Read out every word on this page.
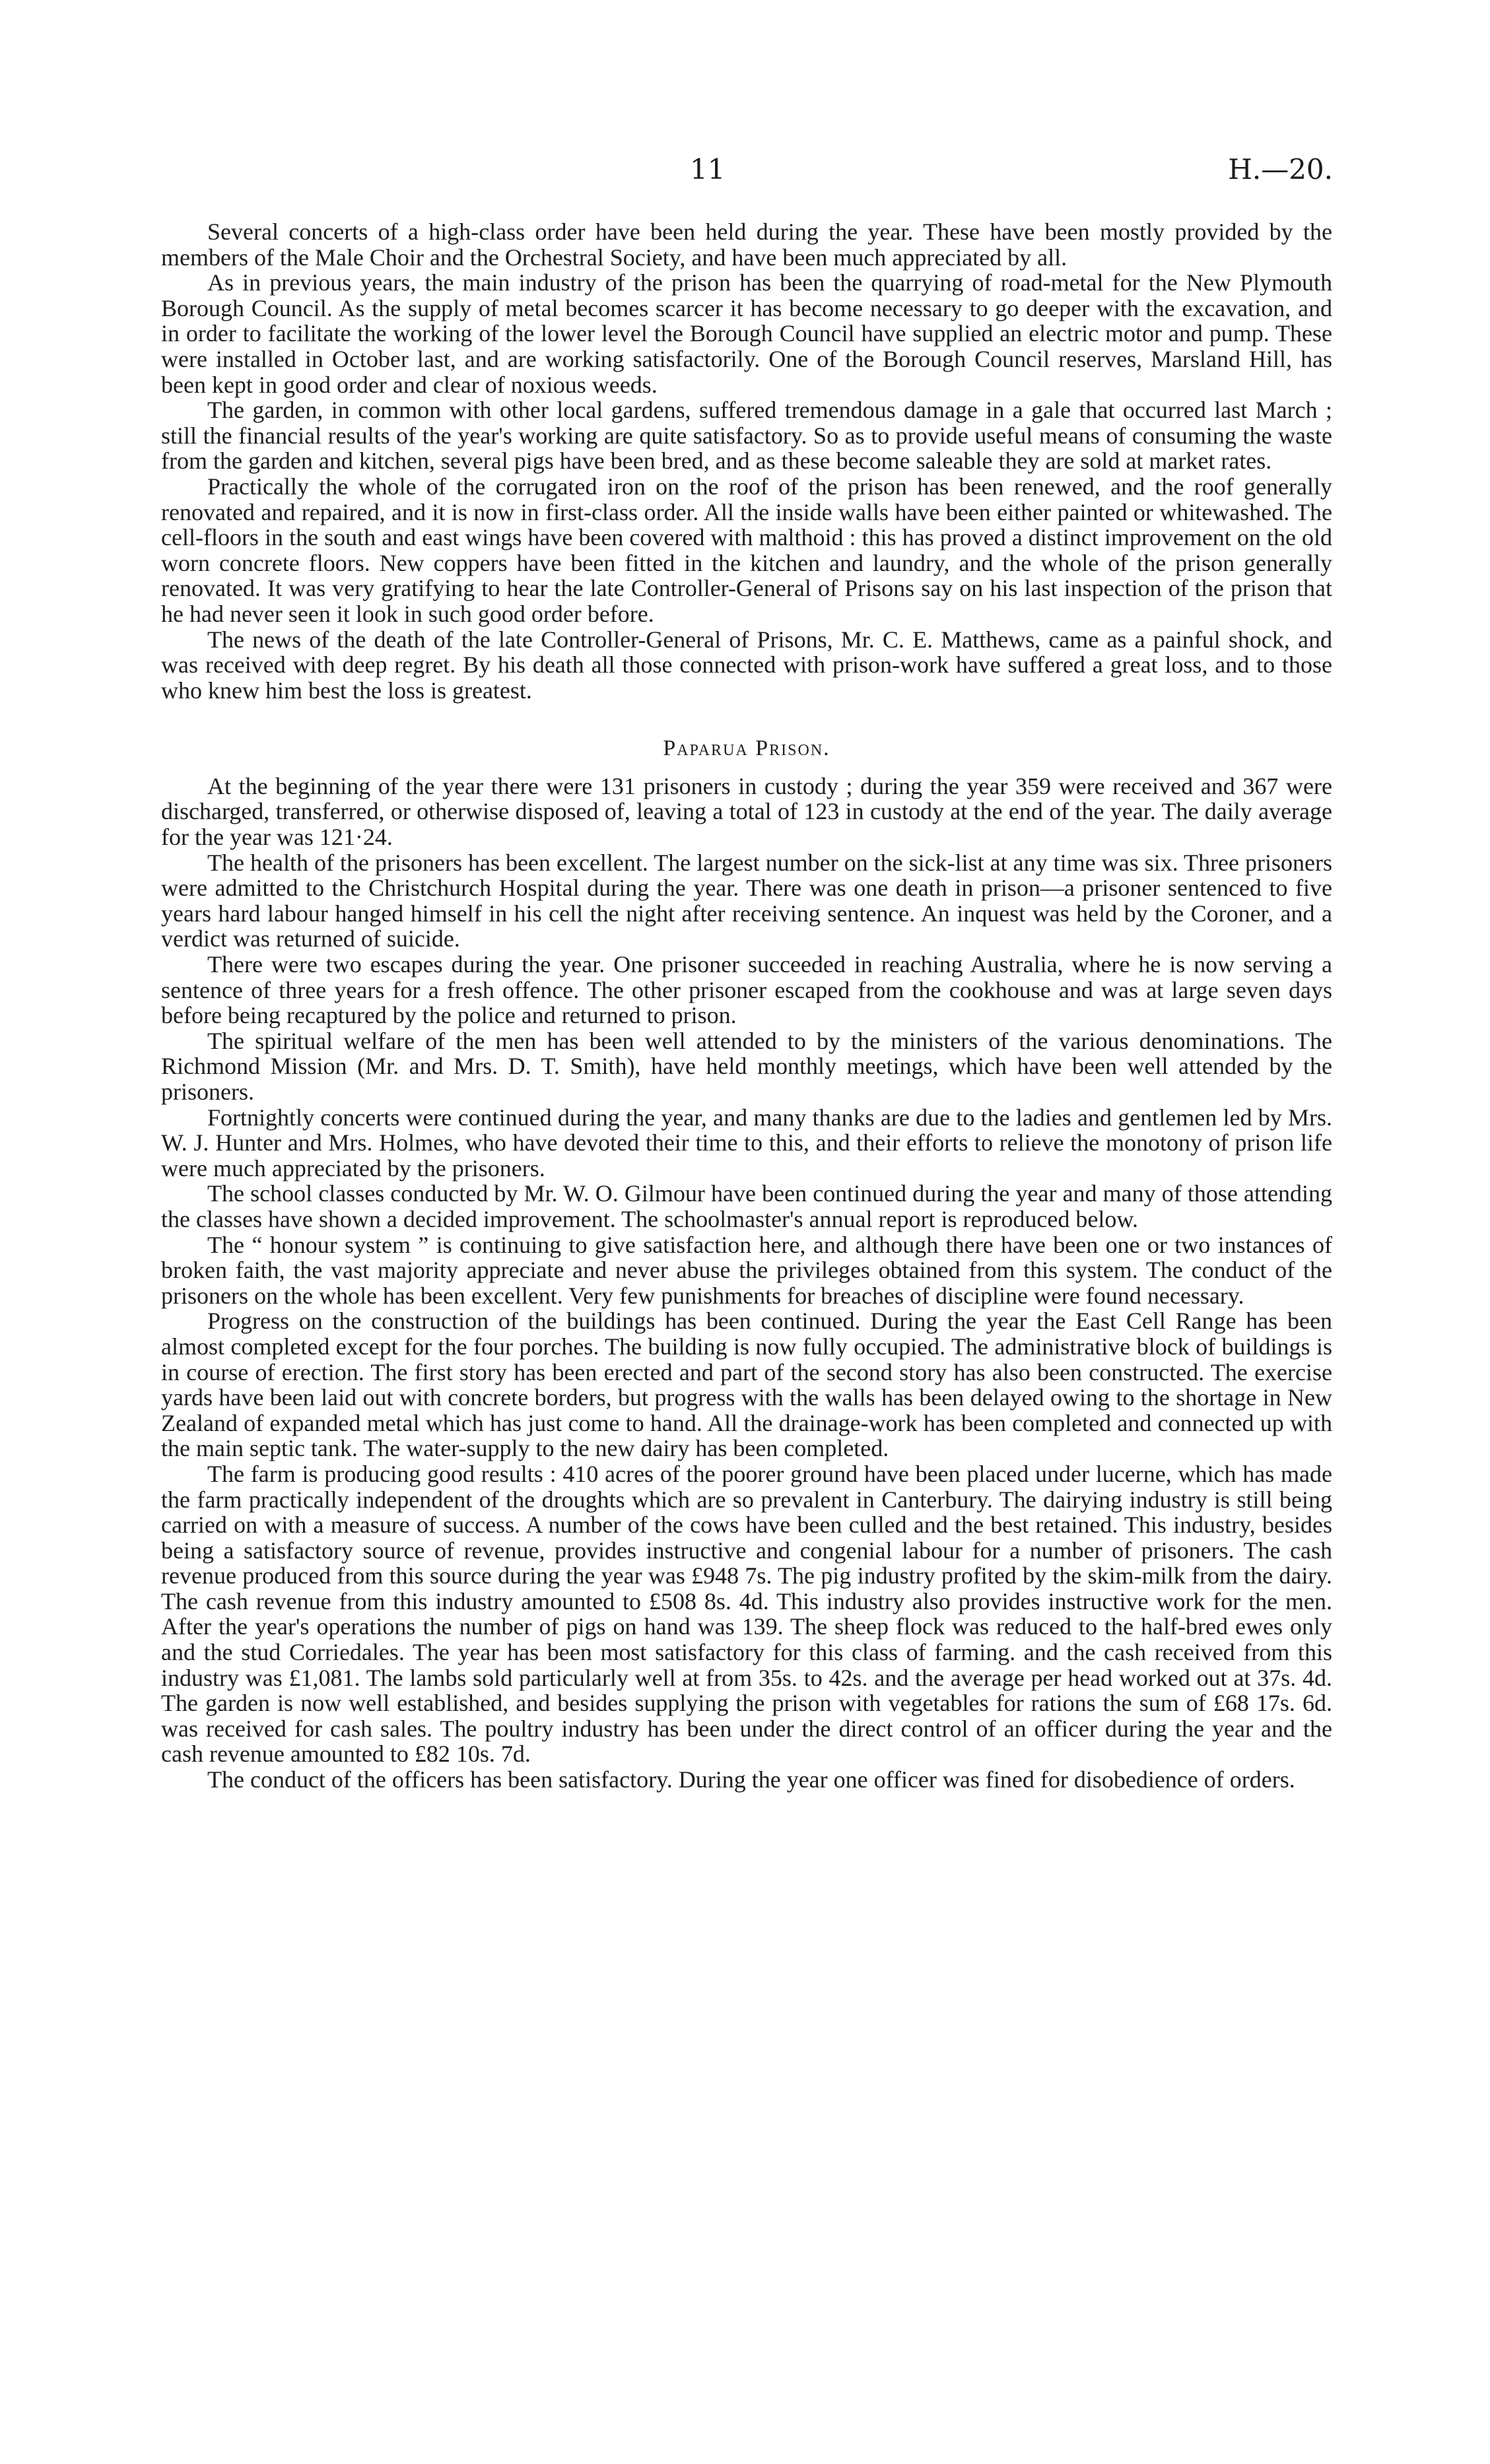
11	H.—20.

Several concerts of a high-class order have been held during the year. These have been mostly provided by the members of the Male Choir and the Orchestral Society, and have been much appreciated by all.

As in previous years, the main industry of the prison has been the quarrying of road-metal for the New Plymouth Borough Council. As the supply of metal becomes scarcer it has become necessary to go deeper with the excavation, and in order to facilitate the working of the lower level the Borough Council have supplied an electric motor and pump. These were installed in October last, and are working satisfactorily. One of the Borough Council reserves, Marsland Hill, has been kept in good order and clear of noxious weeds.

The garden, in common with other local gardens, suffered tremendous damage in a gale that occurred last March ; still the financial results of the year's working are quite satisfactory. So as to provide useful means of consuming the waste from the garden and kitchen, several pigs have been bred, and as these become saleable they are sold at market rates.

Practically the whole of the corrugated iron on the roof of the prison has been renewed, and the roof generally renovated and repaired, and it is now in first-class order. All the inside walls have been either painted or whitewashed. The cell-floors in the south and east wings have been covered with malthoid : this has proved a distinct improvement on the old worn concrete floors. New coppers have been fitted in the kitchen and laundry, and the whole of the prison generally renovated. It was very gratifying to hear the late Controller-General of Prisons say on his last inspection of the prison that he had never seen it look in such good order before.

The news of the death of the late Controller-General of Prisons, Mr. C. E. Matthews, came as a painful shock, and was received with deep regret. By his death all those connected with prison-work have suffered a great loss, and to those who knew him best the loss is greatest.

Paparua Prison.

At the beginning of the year there were 131 prisoners in custody ; during the year 359 were received and 367 were discharged, transferred, or otherwise disposed of, leaving a total of 123 in custody at the end of the year. The daily average for the year was 121·24.

The health of the prisoners has been excellent. The largest number on the sick-list at any time was six. Three prisoners were admitted to the Christchurch Hospital during the year. There was one death in prison—a prisoner sentenced to five years hard labour hanged himself in his cell the night after receiving sentence. An inquest was held by the Coroner, and a verdict was returned of suicide.

There were two escapes during the year. One prisoner succeeded in reaching Australia, where he is now serving a sentence of three years for a fresh offence. The other prisoner escaped from the cookhouse and was at large seven days before being recaptured by the police and returned to prison.

The spiritual welfare of the men has been well attended to by the ministers of the various denominations. The Richmond Mission (Mr. and Mrs. D. T. Smith), have held monthly meetings, which have been well attended by the prisoners.

Fortnightly concerts were continued during the year, and many thanks are due to the ladies and gentlemen led by Mrs. W. J. Hunter and Mrs. Holmes, who have devoted their time to this, and their efforts to relieve the monotony of prison life were much appreciated by the prisoners.

The school classes conducted by Mr. W. O. Gilmour have been continued during the year and many of those attending the classes have shown a decided improvement. The schoolmaster's annual report is reproduced below.

The “ honour system ” is continuing to give satisfaction here, and although there have been one or two instances of broken faith, the vast majority appreciate and never abuse the privileges obtained from this system. The conduct of the prisoners on the whole has been excellent. Very few punishments for breaches of discipline were found necessary.

Progress on the construction of the buildings has been continued. During the year the East Cell Range has been almost completed except for the four porches. The building is now fully occupied. The administrative block of buildings is in course of erection. The first story has been erected and part of the second story has also been constructed. The exercise yards have been laid out with concrete borders, but progress with the walls has been delayed owing to the shortage in New Zealand of expanded metal which has just come to hand. All the drainage-work has been completed and connected up with the main septic tank. The water-supply to the new dairy has been completed.

The farm is producing good results : 410 acres of the poorer ground have been placed under lucerne, which has made the farm practically independent of the droughts which are so prevalent in Canterbury. The dairying industry is still being carried on with a measure of success. A number of the cows have been culled and the best retained. This industry, besides being a satisfactory source of revenue, provides instructive and congenial labour for a number of prisoners. The cash revenue produced from this source during the year was £948 7s. The pig industry profited by the skim-milk from the dairy. The cash revenue from this industry amounted to £508 8s. 4d. This industry also provides instructive work for the men. After the year's operations the number of pigs on hand was 139. The sheep flock was reduced to the half-bred ewes only and the stud Corriedales. The year has been most satisfactory for this class of farming. and the cash received from this industry was £1,081. The lambs sold particularly well at from 35s. to 42s. and the average per head worked out at 37s. 4d. The garden is now well established, and besides supplying the prison with vegetables for rations the sum of £68 17s. 6d. was received for cash sales. The poultry industry has been under the direct control of an officer during the year and the cash revenue amounted to £82 10s. 7d.

The conduct of the officers has been satisfactory. During the year one officer was fined for disobedience of orders.
